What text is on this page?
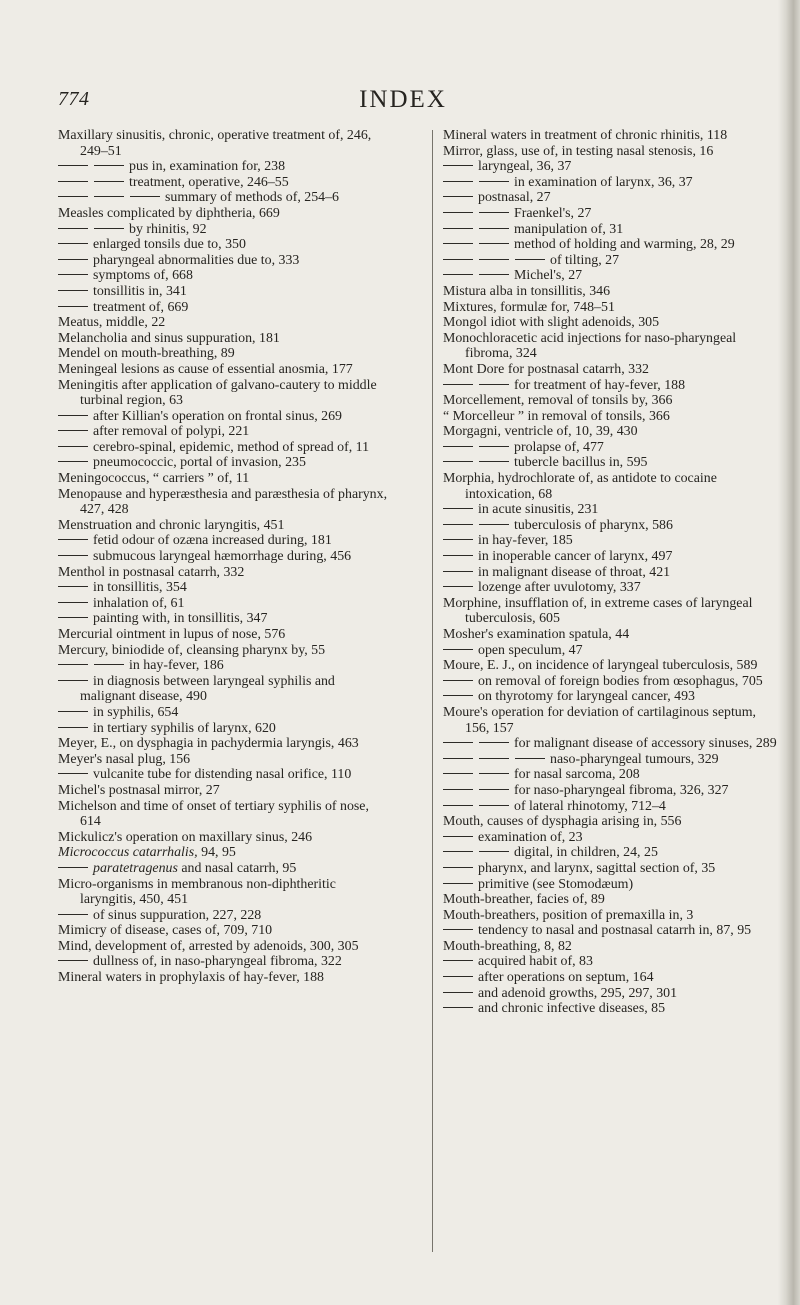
774	INDEX

Maxillary sinusitis, chronic, operative treatment of, 246, 249–51

pus in, examination for, 238

treatment, operative, 246–55

summary of methods of, 254–6

Measles complicated by diphtheria, 669

by rhinitis, 92

enlarged tonsils due to, 350

pharyngeal abnormalities due to, 333

symptoms of, 668

tonsillitis in, 341

treatment of, 669

Meatus, middle, 22

Melancholia and sinus suppuration, 181

Mendel on mouth-breathing, 89

Meningeal lesions as cause of essential anosmia, 177

Meningitis after application of galvano-cautery to middle turbinal region, 63

after Killian's operation on frontal sinus, 269

after removal of polypi, 221

cerebro-spinal, epidemic, method of spread of, 11

pneumococcic, portal of invasion, 235

Meningococcus, “ carriers ” of, 11

Menopause and hyperæsthesia and paræsthesia of pharynx, 427, 428

Menstruation and chronic laryngitis, 451

fetid odour of ozæna increased during, 181

submucous laryngeal hæmorrhage during, 456

Menthol in postnasal catarrh, 332

in tonsillitis, 354

inhalation of, 61

painting with, in tonsillitis, 347

Mercurial ointment in lupus of nose, 576

Mercury, biniodide of, cleansing pharynx by, 55

in hay-fever, 186

in diagnosis between laryngeal syphilis and malignant disease, 490

in syphilis, 654

in tertiary syphilis of larynx, 620

Meyer, E., on dysphagia in pachydermia laryngis, 463

Meyer's nasal plug, 156

vulcanite tube for distending nasal orifice, 110

Michel's postnasal mirror, 27

Michelson and time of onset of tertiary syphilis of nose, 614

Mickulicz's operation on maxillary sinus, 246

Micrococcus catarrhalis, 94, 95

paratetragenus and nasal catarrh, 95

Micro-organisms in membranous non-diphtheritic laryngitis, 450, 451

of sinus suppuration, 227, 228

Mimicry of disease, cases of, 709, 710

Mind, development of, arrested by adenoids, 300, 305

dullness of, in naso-pharyngeal fibroma, 322

Mineral waters in prophylaxis of hay-fever, 188

Mineral waters in treatment of chronic rhinitis, 118

Mirror, glass, use of, in testing nasal stenosis, 16

laryngeal, 36, 37

in examination of larynx, 36, 37

postnasal, 27

Fraenkel's, 27

manipulation of, 31

method of holding and warming, 28, 29

of tilting, 27

Michel's, 27

Mistura alba in tonsillitis, 346

Mixtures, formulæ for, 748–51

Mongol idiot with slight adenoids, 305

Monochloracetic acid injections for naso-pharyngeal fibroma, 324

Mont Dore for postnasal catarrh, 332

for treatment of hay-fever, 188

Morcellement, removal of tonsils by, 366

“ Morcelleur ” in removal of tonsils, 366

Morgagni, ventricle of, 10, 39, 430

prolapse of, 477

tubercle bacillus in, 595

Morphia, hydrochlorate of, as antidote to cocaine intoxication, 68

in acute sinusitis, 231

tuberculosis of pharynx, 586

in hay-fever, 185

in inoperable cancer of larynx, 497

in malignant disease of throat, 421

lozenge after uvulotomy, 337

Morphine, insufflation of, in extreme cases of laryngeal tuberculosis, 605

Mosher's examination spatula, 44

open speculum, 47

Moure, E. J., on incidence of laryngeal tuberculosis, 589

on removal of foreign bodies from œsophagus, 705

on thyrotomy for laryngeal cancer, 493

Moure's operation for deviation of cartilaginous septum, 156, 157

for malignant disease of accessory sinuses, 289

naso-pharyngeal tumours, 329

for nasal sarcoma, 208

for naso-pharyngeal fibroma, 326, 327

of lateral rhinotomy, 712–4

Mouth, causes of dysphagia arising in, 556

examination of, 23

digital, in children, 24, 25

pharynx, and larynx, sagittal section of, 35

primitive (see Stomodæum)

Mouth-breather, facies of, 89

Mouth-breathers, position of premaxilla in, 3

tendency to nasal and postnasal catarrh in, 87, 95

Mouth-breathing, 8, 82

acquired habit of, 83

after operations on septum, 164

and adenoid growths, 295, 297, 301

and chronic infective diseases, 85
